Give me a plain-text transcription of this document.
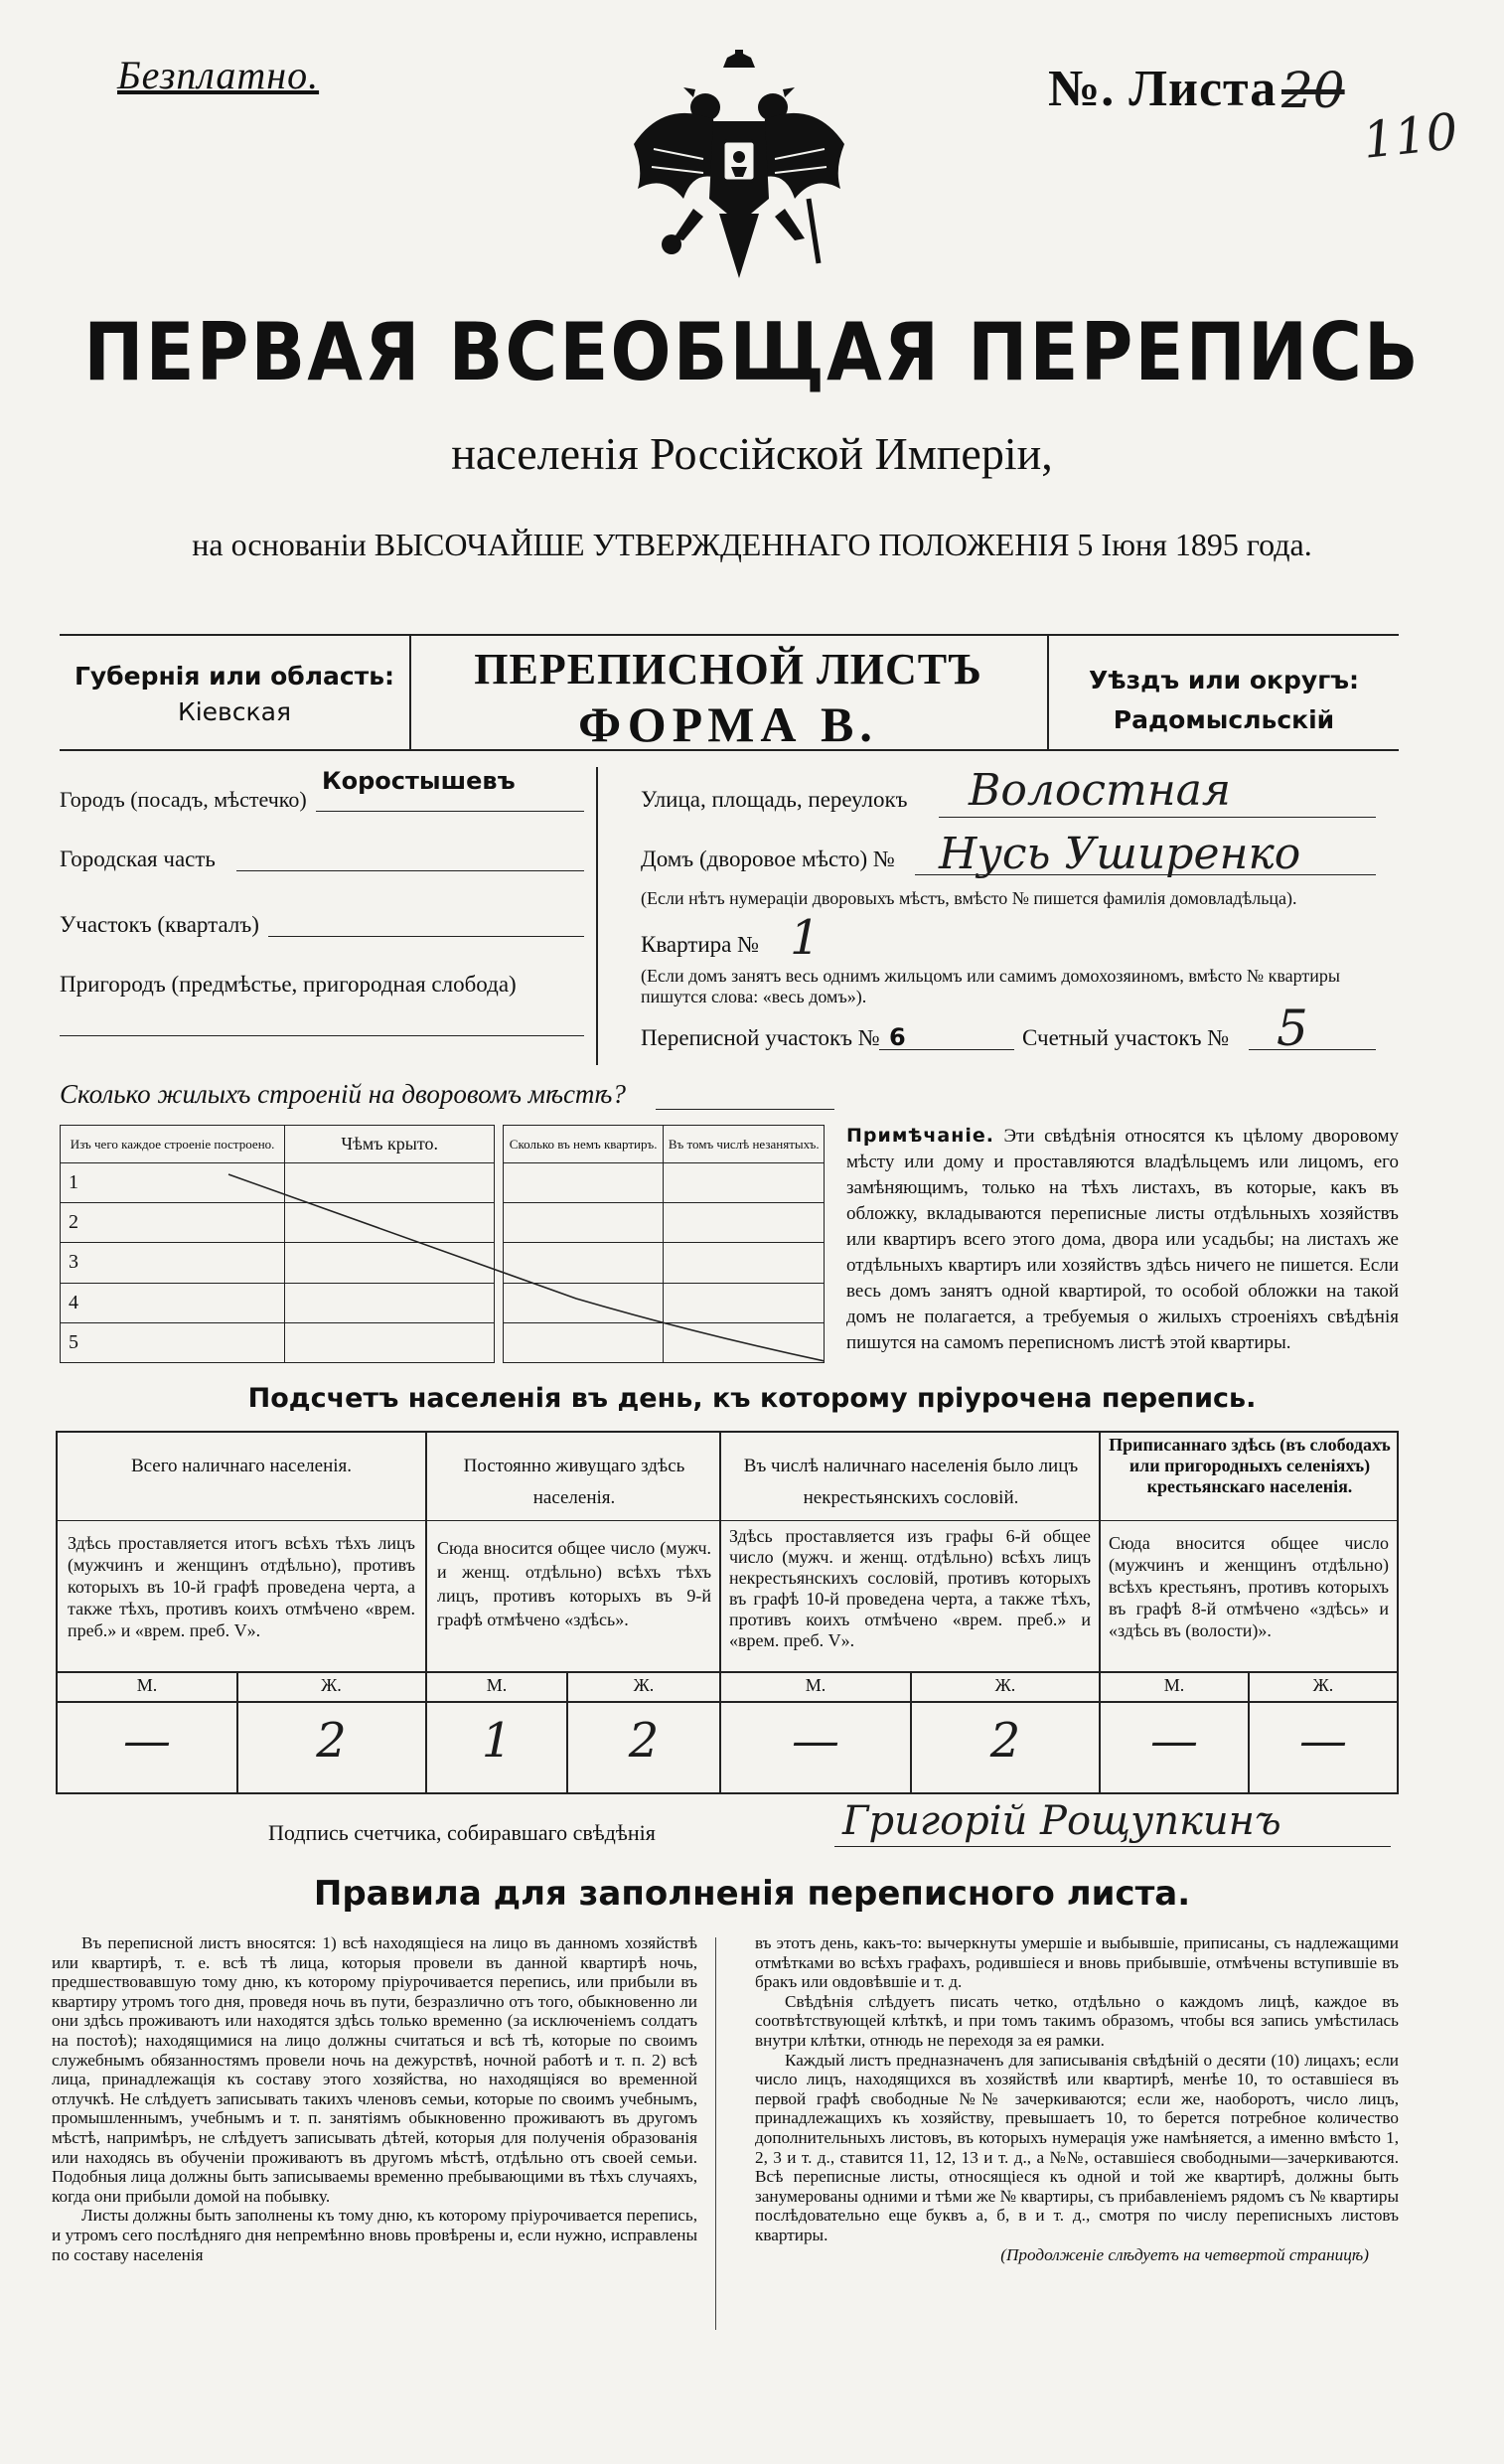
Безплатно.	№. Листа 20
110
ПЕРВАЯ ВСЕОБЩАЯ ПЕРЕПИСЬ
населенія Россійской Имперіи,
на основаніи ВЫСОЧАЙШЕ УТВЕРЖДЕННАГО ПОЛОЖЕНІЯ 5 Іюня 1895 года.
Губернія или область:
Кіевская
ПЕРЕПИСНОЙ ЛИСТЪ
ФОРМА В.
Уѣздъ или округъ:
Радомысльскій
Городъ (посадъ, мѣстечко)
Коростышевъ
Городская часть
Участокъ (кварталъ)
Пригородъ (предмѣстье, пригородная слобода)
Улица, площадь, переулокъ Волостная
Домъ (дворовое мѣсто) № Нусь Уширенко
(Если нѣтъ нумераціи дворовыхъ мѣстъ, вмѣсто № пишется фамилія домовладѣльца).
Квартира № 1
(Если домъ занятъ весь однимъ жильцомъ или самимъ домохозяиномъ, вмѣсто № квартиры пишутся слова: «весь домъ»).
Переписной участокъ № 6	Счетный участокъ № 5
Сколько жилыхъ строеній на дворовомъ мѣстѣ?
Изъ чего каждое строеніе построено.	Чѣмъ крыто.		Сколько въ немъ квартиръ.	Въ томъ числѣ незанятыхъ.
1				
2				
3				
4				
5				
Примѣчаніе. Эти свѣдѣнія относятся къ цѣлому дворовому мѣсту или дому и проставляются владѣльцемъ или лицомъ, его замѣняющимъ, только на тѣхъ листахъ, въ которые, какъ въ обложку, вкладываются переписные листы отдѣльныхъ хозяйствъ или квартиръ всего этого дома, двора или усадьбы; на листахъ же отдѣльныхъ квартиръ или хозяйствъ здѣсь ничего не пишется. Если весь домъ занятъ одной квартирой, то особой обложки на такой домъ не полагается, а требуемыя о жилыхъ строеніяхъ свѣдѣнія пишутся на самомъ переписномъ листѣ этой квартиры.
Подсчетъ населенія въ день, къ которому пріурочена перепись.
Всего наличнаго населенія.
Здѣсь проставляется итогъ всѣхъ тѣхъ лицъ (мужчинъ и женщинъ отдѣльно), противъ которыхъ въ 10-й графѣ проведена черта, а также тѣхъ, противъ коихъ отмѣчено «врем. преб.» и «врем. преб. V».
М.	Ж.
—	2
Постоянно живущаго здѣсь населенія.
Сюда вносится общее число (мужч. и женщ. отдѣльно) всѣхъ тѣхъ лицъ, противъ которыхъ въ 9-й графѣ отмѣчено «здѣсь».
М.	Ж.
1	2
Въ числѣ наличнаго населенія было лицъ некрестьянскихъ сословій.
Здѣсь проставляется изъ графы 6-й общее число (мужч. и женщ. отдѣльно) всѣхъ лицъ некрестьянскихъ сословій, противъ которыхъ въ графѣ 10-й проведена черта, а также тѣхъ, противъ коихъ отмѣчено «врем. преб.» и «врем. преб. V».
М.	Ж.
—	2
Приписаннаго здѣсь (въ слободахъ или пригородныхъ селеніяхъ) крестьянскаго населенія.
Сюда вносится общее число (мужчинъ и женщинъ отдѣльно) всѣхъ крестьянъ, противъ которыхъ въ графѣ 8-й отмѣчено «здѣсь» и «здѣсь въ (волости)».
М.	Ж.
—	—
Подпись счетчика, собиравшаго свѣдѣнія	Григорій Рощупкинъ
Правила для заполненія переписного листа.

Въ переписной листъ вносятся: 1) всѣ находящіеся на лицо въ данномъ хозяйствѣ или квартирѣ, т. е. всѣ тѣ лица, которыя провели въ данной квартирѣ ночь, предшествовавшую тому дню, къ которому пріурочивается перепись, или прибыли въ квартиру утромъ того дня, проведя ночь въ пути, безразлично отъ того, обыкновенно ли они здѣсь проживаютъ или находятся здѣсь только временно (за исключеніемъ солдатъ на постоѣ); находящимися на лицо должны считаться и всѣ тѣ, которые по своимъ служебнымъ обязанностямъ провели ночь на дежурствѣ, ночной работѣ и т. п. 2) всѣ лица, принадлежащія къ составу этого хозяйства, но находящіяся во временной отлучкѣ. Не слѣдуетъ записывать такихъ членовъ семьи, которые по своимъ учебнымъ, промышленнымъ, учебнымъ и т. п. занятіямъ обыкновенно проживаютъ въ другомъ мѣстѣ, напримѣръ, не слѣдуетъ записывать дѣтей, которыя для полученія образованія или находясь въ обученіи проживаютъ въ другомъ мѣстѣ, отдѣльно отъ своей семьи. Подобныя лица должны быть записываемы временно пребывающими въ тѣхъ случаяхъ, когда они прибыли домой на побывку.

Листы должны быть заполнены къ тому дню, къ которому пріурочивается перепись, и утромъ сего послѣдняго дня непремѣнно вновь провѣрены и, если нужно, исправлены по составу населенія

въ этотъ день, какъ-то: вычеркнуты умершіе и выбывшіе, приписаны, съ надлежащими отмѣтками во всѣхъ графахъ, родившіеся и вновь прибывшіе, отмѣчены вступившіе въ бракъ или овдовѣвшіе и т. д.

Свѣдѣнія слѣдуетъ писать четко, отдѣльно о каждомъ лицѣ, каждое въ соотвѣтствующей клѣткѣ, и при томъ такимъ образомъ, чтобы вся запись умѣстилась внутри клѣтки, отнюдь не переходя за ея рамки.

Каждый листъ предназначенъ для записыванія свѣдѣній о десяти (10) лицахъ; если число лицъ, находящихся въ хозяйствѣ или квартирѣ, менѣе 10, то оставшіеся въ первой графѣ свободные №№ зачеркиваются; если же, наоборотъ, число лицъ, принадлежащихъ къ хозяйству, превышаетъ 10, то берется потребное количество дополнительныхъ листовъ, въ которыхъ нумерація уже намѣняется, а именно вмѣсто 1, 2, 3 и т. д., ставится 11, 12, 13 и т. д., а №№, оставшіеся свободными—зачеркиваются. Всѣ переписные листы, относящіеся къ одной и той же квартирѣ, должны быть занумерованы одними и тѣми же № квартиры, съ прибавленіемъ рядомъ съ № квартиры послѣдовательно еще буквъ а, б, в и т. д., смотря по числу переписныхъ листовъ квартиры.

(Продолженіе слѣдуетъ на четвертой страницѣ)
